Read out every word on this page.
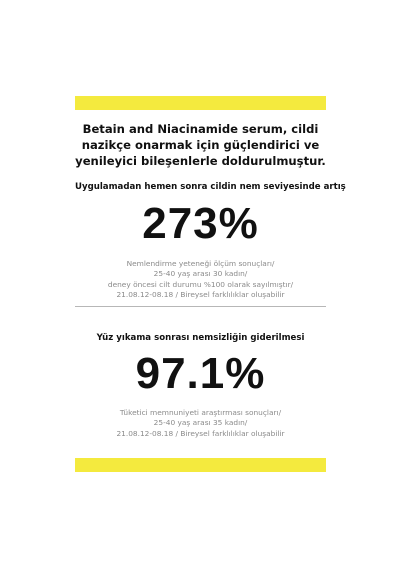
Betain and Niacinamide serum, cildi

nazikçe onarmak için güçlendirici ve

yenileyici bileşenlerle doldurulmuştur.

Uygulamadan hemen sonra cildin nem seviyesinde artış

273%

Nemlendirme yeteneği ölçüm sonuçları/

25-40 yaş arası 30 kadın/

deney öncesi cilt durumu %100 olarak sayılmıştır/

21.08.12-08.18 / Bireysel farklılıklar oluşabilir

Yüz yıkama sonrası nemsizliğin giderilmesi

97.1%

Tüketici memnuniyeti araştırması sonuçları/

25-40 yaş arası 35 kadın/

21.08.12-08.18 / Bireysel farklılıklar oluşabilir
